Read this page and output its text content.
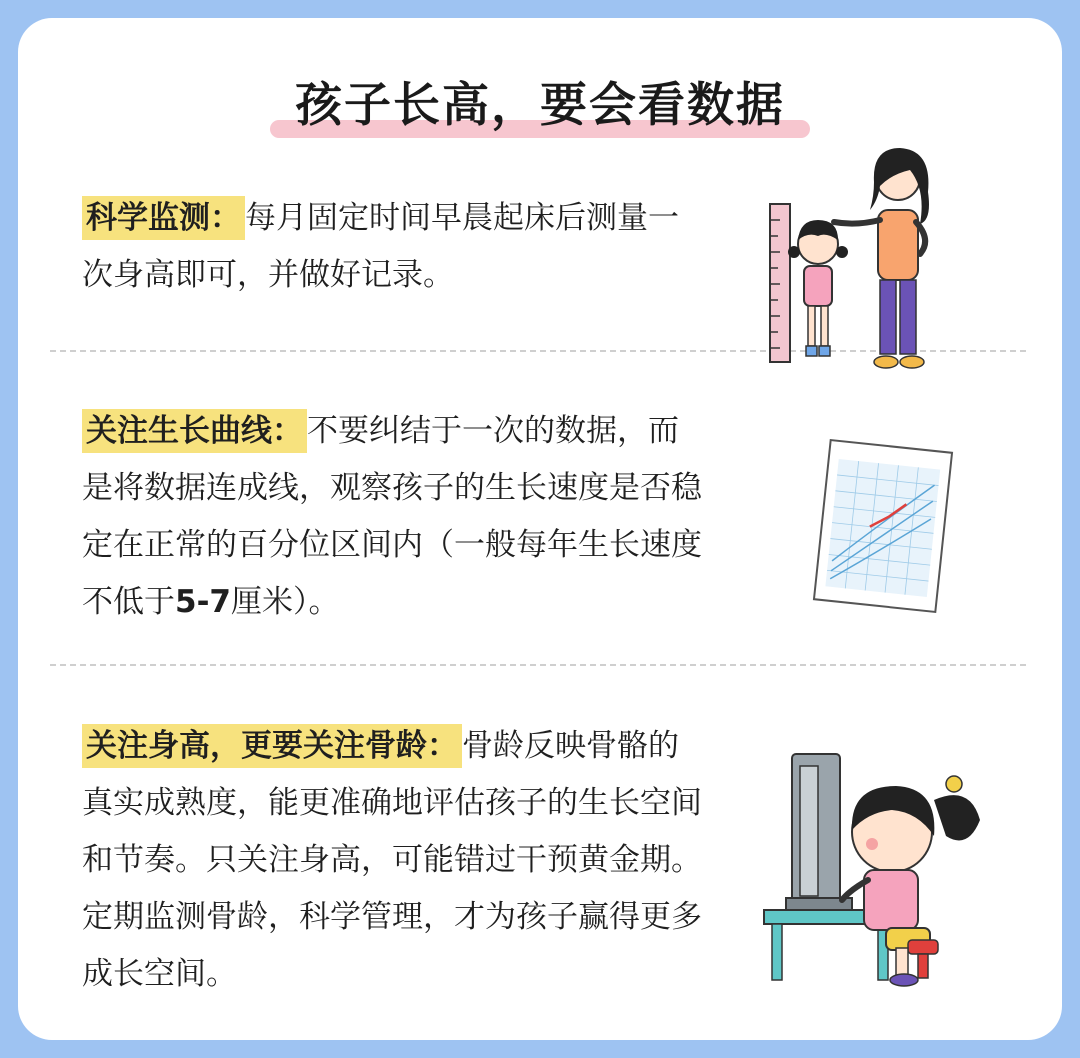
孩子长高，要会看数据

科学监测： 每月固定时间早晨起床后测量一次身高即可，并做好记录。

关注生长曲线： 不要纠结于一次的数据，而是将数据连成线，观察孩子的生长速度是否稳定在正常的百分位区间内（一般每年生长速度不低于5-7厘米）。

关注身高，更要关注骨龄： 骨龄反映骨骼的真实成熟度，能更准确地评估孩子的生长空间和节奏。只关注身高，可能错过干预黄金期。定期监测骨龄，科学管理，才为孩子赢得更多成长空间。
